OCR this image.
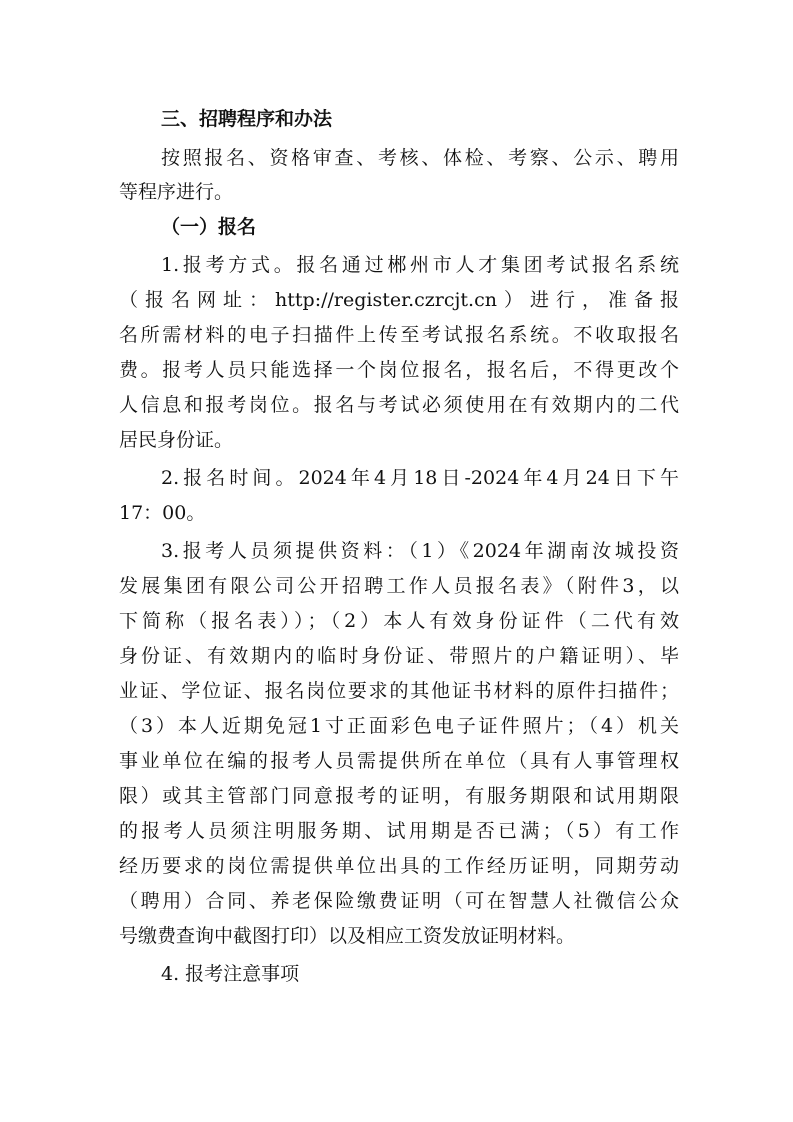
三、招聘程序和办法
按照报名、资格审查、考核、体检、考察、公示、聘用
等程序进行。
（一）报名
1.报考方式。报名通过郴州市人才集团考试报名系统
（报名网址：http://register.czrcjt.cn）进行，准备报
名所需材料的电子扫描件上传至考试报名系统。不收取报名
费。报考人员只能选择一个岗位报名，报名后，不得更改个
人信息和报考岗位。报名与考试必须使用在有效期内的二代
居民身份证。
2.报名时间。2024年4月18日-2024年4月24日下午
17：00。
3.报考人员须提供资料：（1）《2024年湖南汝城投资
发展集团有限公司公开招聘工作人员报名表》（附件3，以
下简称（报名表））；（2）本人有效身份证件（二代有效
身份证、有效期内的临时身份证、带照片的户籍证明）、毕
业证、学位证、报名岗位要求的其他证书材料的原件扫描件；
（3）本人近期免冠1寸正面彩色电子证件照片；（4）机关
事业单位在编的报考人员需提供所在单位（具有人事管理权
限）或其主管部门同意报考的证明，有服务期限和试用期限
的报考人员须注明服务期、试用期是否已满；（5）有工作
经历要求的岗位需提供单位出具的工作经历证明，同期劳动
（聘用）合同、养老保险缴费证明（可在智慧人社微信公众
号缴费查询中截图打印）以及相应工资发放证明材料。
4. 报考注意事项
